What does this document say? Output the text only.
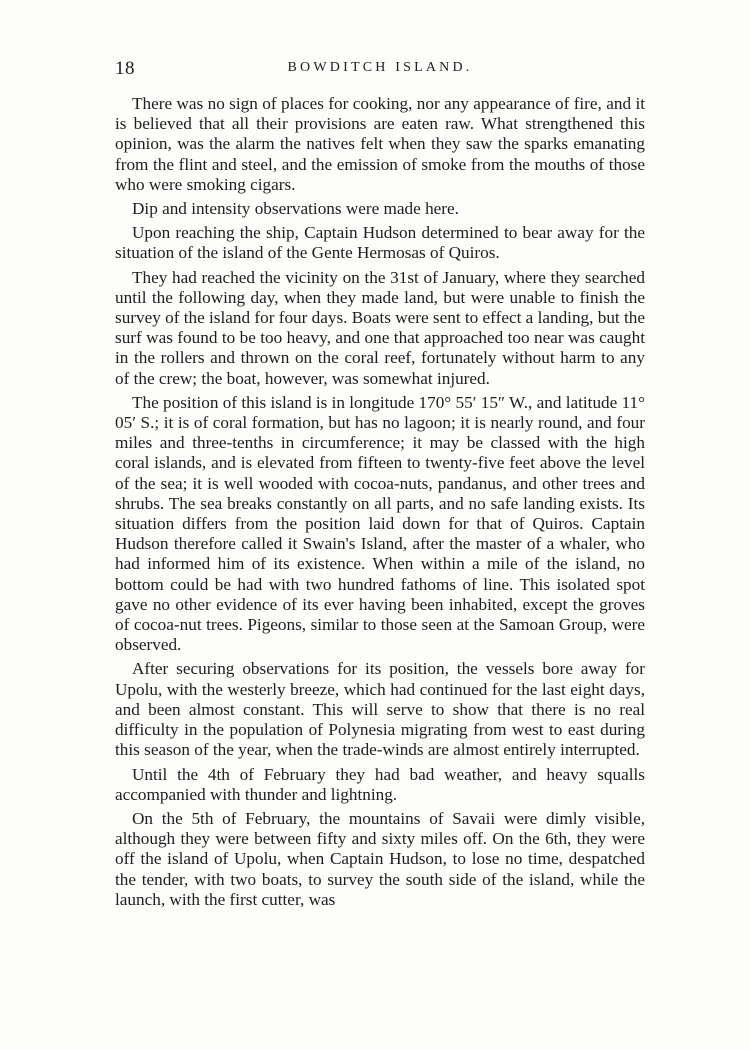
18	BOWDITCH ISLAND.

There was no sign of places for cooking, nor any appearance of fire, and it is believed that all their provisions are eaten raw. What strengthened this opinion, was the alarm the natives felt when they saw the sparks emanating from the flint and steel, and the emission of smoke from the mouths of those who were smoking cigars.

Dip and intensity observations were made here.

Upon reaching the ship, Captain Hudson determined to bear away for the situation of the island of the Gente Hermosas of Quiros.

They had reached the vicinity on the 31st of January, where they searched until the following day, when they made land, but were unable to finish the survey of the island for four days. Boats were sent to effect a landing, but the surf was found to be too heavy, and one that approached too near was caught in the rollers and thrown on the coral reef, fortunately without harm to any of the crew; the boat, however, was somewhat injured.

The position of this island is in longitude 170° 55′ 15″ W., and latitude 11° 05′ S.; it is of coral formation, but has no lagoon; it is nearly round, and four miles and three-tenths in circumference; it may be classed with the high coral islands, and is elevated from fifteen to twenty-five feet above the level of the sea; it is well wooded with cocoa-nuts, pandanus, and other trees and shrubs. The sea breaks constantly on all parts, and no safe landing exists. Its situation differs from the position laid down for that of Quiros. Captain Hudson therefore called it Swain's Island, after the master of a whaler, who had informed him of its existence. When within a mile of the island, no bottom could be had with two hundred fathoms of line. This isolated spot gave no other evidence of its ever having been inhabited, except the groves of cocoa-nut trees. Pigeons, similar to those seen at the Samoan Group, were observed.

After securing observations for its position, the vessels bore away for Upolu, with the westerly breeze, which had continued for the last eight days, and been almost constant. This will serve to show that there is no real difficulty in the population of Polynesia migrating from west to east during this season of the year, when the trade-winds are almost entirely interrupted.

Until the 4th of February they had bad weather, and heavy squalls accompanied with thunder and lightning.

On the 5th of February, the mountains of Savaii were dimly visible, although they were between fifty and sixty miles off. On the 6th, they were off the island of Upolu, when Captain Hudson, to lose no time, despatched the tender, with two boats, to survey the south side of the island, while the launch, with the first cutter, was
